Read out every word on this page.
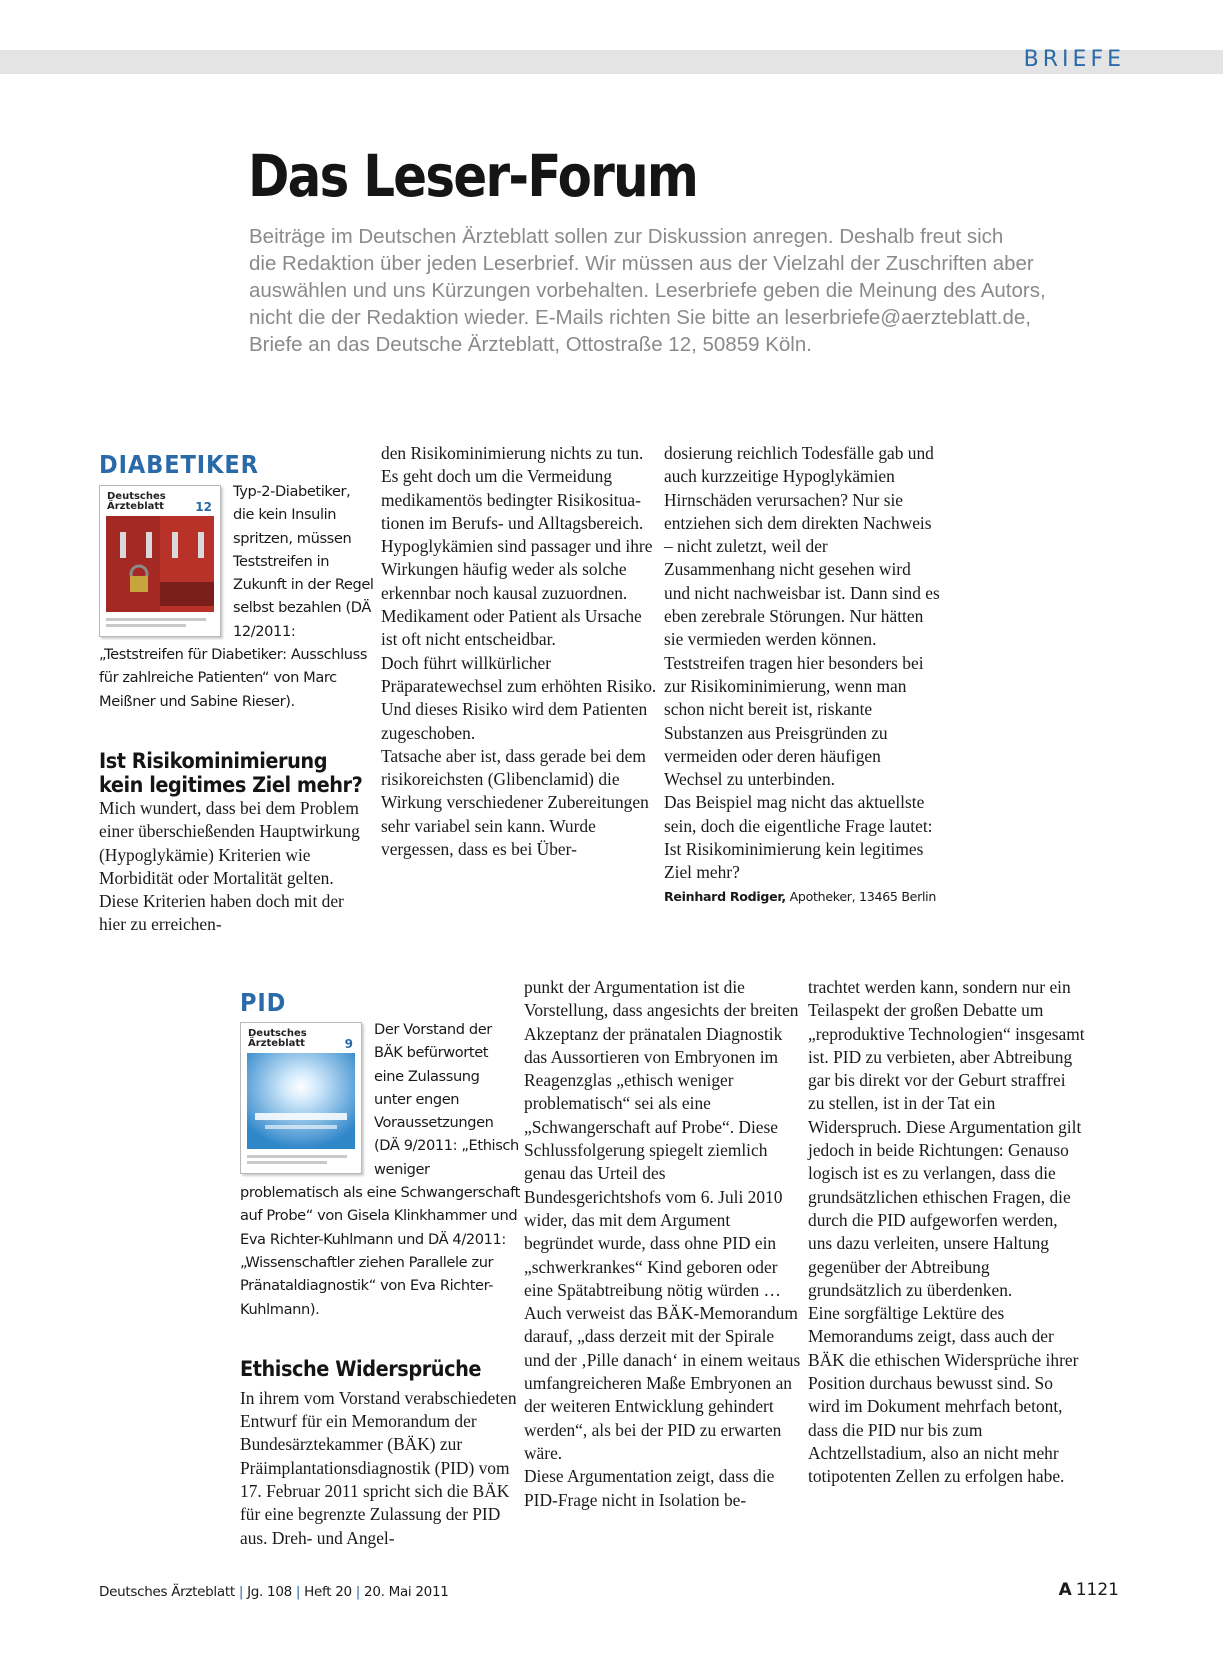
BRIEFE
Das Leser-Forum

Beiträge im Deutschen Ärzteblatt sollen zur Diskussion anregen. Deshalb freut sich
die Redaktion über jeden Leserbrief. Wir müssen aus der Vielzahl der Zuschriften aber
auswählen und uns Kürzungen vorbehalten. Leserbriefe geben die Meinung des Autors,
nicht die der Redaktion wieder. E-Mails richten Sie bitte an leserbriefe@aerzteblatt.de,
Briefe an das Deutsche Ärzteblatt, Ottostraße 12, 50859 Köln.

DIABETIKER
Deutsches
Ärzteblatt	12
Typ-2-Diabetiker, die kein Insulin spritzen, müssen Teststreifen in Zukunft in der Regel selbst bezahlen (DÄ 12/2011: „Teststreifen für Diabetiker: Ausschluss für zahlreiche Patienten“ von Marc Meißner und Sabine Rieser).
Ist Risikominimierung
kein legitimes Ziel mehr?

Mich wundert, dass bei dem Problem einer überschießenden Hauptwirkung (Hypoglykämie) Kriterien wie Morbidität oder Mortalität gelten. Diese Kriterien haben doch mit der hier zu erreichen-

den Risikominimierung nichts zu tun.

Es geht doch um die Vermeidung medikamentös bedingter Risikosituationen im Berufs- und Alltagsbereich. Hypoglykämien sind passager und ihre Wirkungen häufig weder als solche erkennbar noch kausal zuzuordnen. Medikament oder Patient als Ursache ist oft nicht entscheidbar.

Doch führt willkürlicher Präparatewechsel zum erhöhten Risiko. Und dieses Risiko wird dem Patienten zugeschoben.

Tatsache aber ist, dass gerade bei dem risikoreichsten (Glibenclamid) die Wirkung verschiedener Zubereitungen sehr variabel sein kann. Wurde vergessen, dass es bei Über-

dosierung reichlich Todesfälle gab und auch kurzzeitige Hypoglykämien Hirnschäden verursachen? Nur sie entziehen sich dem direkten Nachweis – nicht zuletzt, weil der Zusammenhang nicht gesehen wird und nicht nachweisbar ist. Dann sind es eben zerebrale Störungen. Nur hätten sie vermieden werden können. Teststreifen tragen hier besonders bei zur Risikominimierung, wenn man schon nicht bereit ist, riskante Substanzen aus Preisgründen zu vermeiden oder deren häufigen Wechsel zu unterbinden.

Das Beispiel mag nicht das aktuellste sein, doch die eigentliche Frage lautet: Ist Risikominimierung kein legitimes Ziel mehr?

Reinhard Rodiger, Apotheker, 13465 Berlin

PID
Deutsches
Ärzteblatt	9
Der Vorstand der BÄK befürwortet eine Zulassung unter engen Voraussetzungen (DÄ 9/2011: „Ethisch weniger problematisch als eine Schwangerschaft auf Probe“ von Gisela Klinkhammer und Eva Richter-Kuhlmann und DÄ 4/2011: „Wissenschaftler ziehen Parallele zur Pränataldiagnostik“ von Eva Richter-Kuhlmann).
Ethische Widersprüche

In ihrem vom Vorstand verabschiedeten Entwurf für ein Memorandum der Bundesärztekammer (BÄK) zur Präimplantationsdiagnostik (PID) vom 17. Februar 2011 spricht sich die BÄK für eine begrenzte Zulassung der PID aus. Dreh- und Angel-

punkt der Argumentation ist die Vorstellung, dass angesichts der breiten Akzeptanz der pränatalen Diagnostik das Aussortieren von Embryonen im Reagenzglas „ethisch weniger problematisch“ sei als eine „Schwangerschaft auf Probe“. Diese Schlussfolgerung spiegelt ziemlich genau das Urteil des Bundesgerichtshofs vom 6. Juli 2010 wider, das mit dem Argument begründet wurde, dass ohne PID ein „schwerkrankes“ Kind geboren oder eine Spätabtreibung nötig würden …

Auch verweist das BÄK-Memorandum darauf, „dass derzeit mit der Spirale und der ‚Pille danach‘ in einem weitaus umfangreicheren Maße Embryonen an der weiteren Entwicklung gehindert werden“, als bei der PID zu erwarten wäre.

Diese Argumentation zeigt, dass die PID-Frage nicht in Isolation be-

trachtet werden kann, sondern nur ein Teilaspekt der großen Debatte um „reproduktive Technologien“ insgesamt ist. PID zu verbieten, aber Abtreibung gar bis direkt vor der Geburt straffrei zu stellen, ist in der Tat ein Widerspruch. Diese Argumentation gilt jedoch in beide Richtungen: Genauso logisch ist es zu verlangen, dass die grundsätzlichen ethischen Fragen, die durch die PID aufgeworfen werden, uns dazu verleiten, unsere Haltung gegenüber der Abtreibung grundsätzlich zu überdenken.

Eine sorgfältige Lektüre des Memorandums zeigt, dass auch der BÄK die ethischen Widersprüche ihrer Position durchaus bewusst sind. So wird im Dokument mehrfach betont, dass die PID nur bis zum Achtzellstadium, also an nicht mehr totipotenten Zellen zu erfolgen habe.

Deutsches Ärzteblatt | Jg. 108 | Heft 20 | 20. Mai 2011	A 1121
